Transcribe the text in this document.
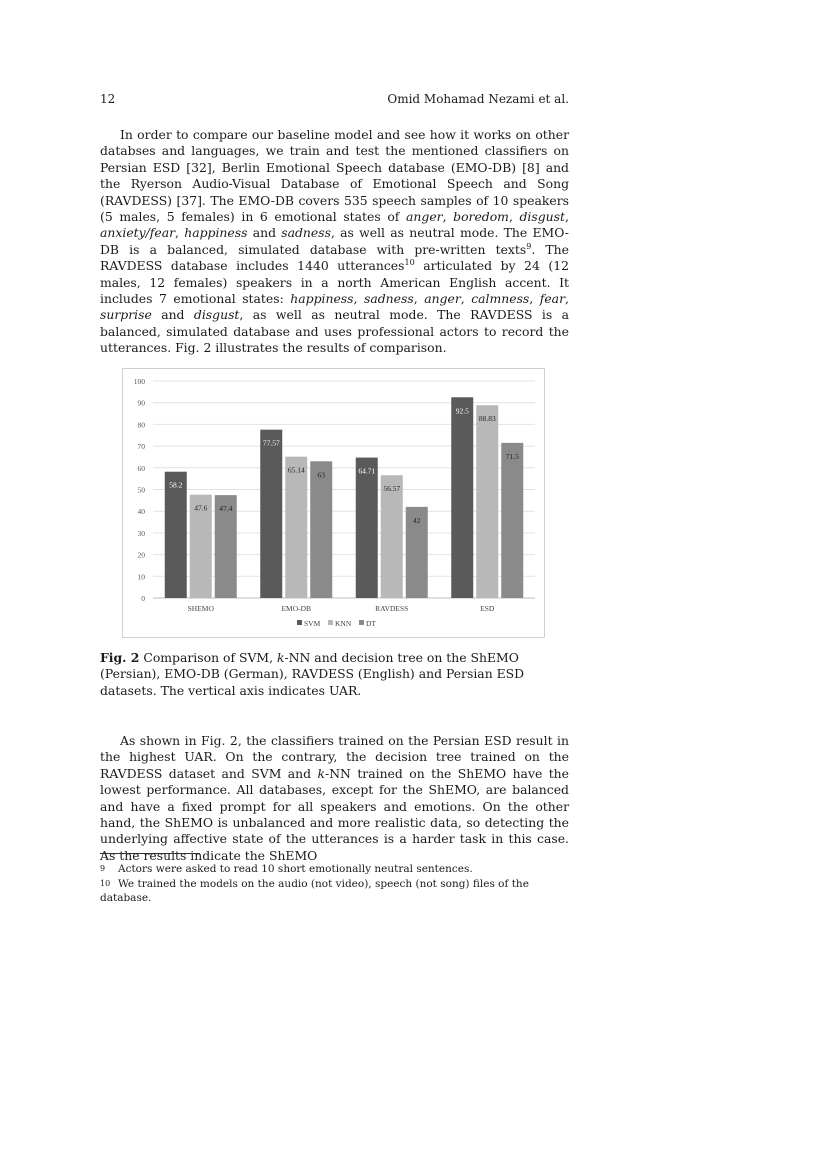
12	Omid Mohamad Nezami et al.
In order to compare our baseline model and see how it works on other databses and languages, we train and test the mentioned classifiers on Persian ESD [32], Berlin Emotional Speech database (EMO-DB) [8] and the Ryerson Audio-Visual Database of Emotional Speech and Song (RAVDESS) [37]. The EMO-DB covers 535 speech samples of 10 speakers (5 males, 5 females) in 6 emotional states of anger, boredom, disgust, anxiety/fear, happiness and sadness, as well as neutral mode. The EMO-DB is a balanced, simulated database with pre-written texts$^9$. The RAVDESS database includes 1440 utterances$^{10}$ articulated by 24 (12 males, 12 females) speakers in a north American English accent. It includes 7 emotional states: happiness, sadness, anger, calmness, fear, surprise and disgust, as well as neutral mode. The RAVDESS is a balanced, simulated database and uses professional actors to record the utterances. Fig. 2 illustrates the results of comparison.
0
10
20
30
40
50
60
70
80
90
100
58.2
47.6 47.4
SHEMO
77.57
65.14
63
EMO-DB
64.71
56.57
42
RAVDESS
92.5
88.83
71.5
ESD
SVM KNN DT
Fig. 2 Comparison of SVM, k-NN and decision tree on the ShEMO (Persian), EMO-DB (German), RAVDESS (English) and Persian ESD datasets. The vertical axis indicates UAR.
As shown in Fig. 2, the classifiers trained on the Persian ESD result in the highest UAR. On the contrary, the decision tree trained on the RAVDESS dataset and SVM and k-NN trained on the ShEMO have the lowest performance. All databases, except for the ShEMO, are balanced and have a fixed prompt for all speakers and emotions. On the other hand, the ShEMO is unbalanced and more realistic data, so detecting the underlying affective state of the utterances is a harder task in this case. As the results indicate the ShEMO
9 Actors were asked to read 10 short emotionally neutral sentences.
10 We trained the models on the audio (not video), speech (not song) files of the database.
